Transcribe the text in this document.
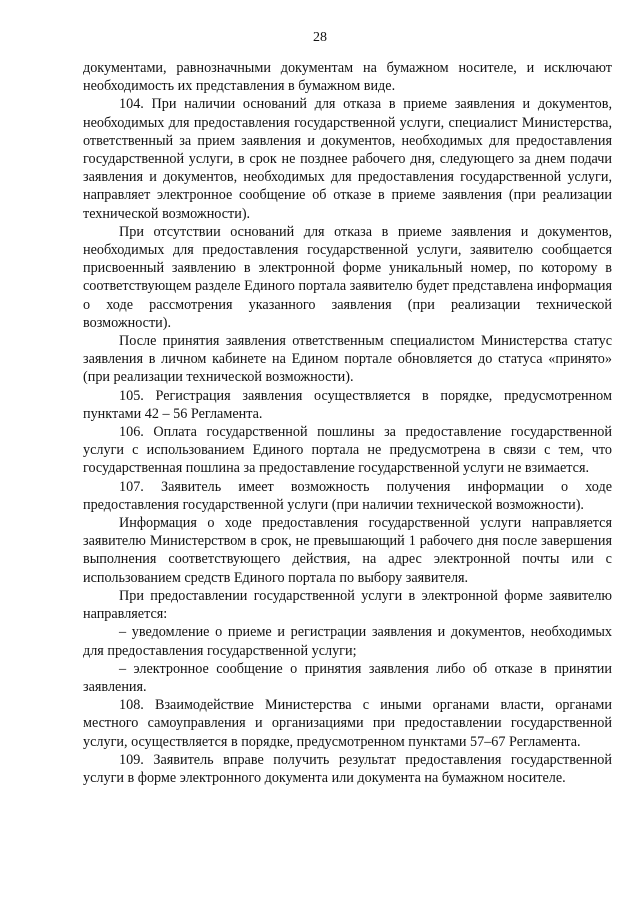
28

документами, равнозначными документам на бумажном носителе, и исключают необходимость их представления в бумажном виде.

104. При наличии оснований для отказа в приеме заявления и документов, необходимых для предоставления государственной услуги, специалист Министерства, ответственный за прием заявления и документов, необходимых для предоставления государственной услуги, в срок не позднее рабочего дня, следующего за днем подачи заявления и документов, необходимых для предоставления государственной услуги, направляет электронное сообщение об отказе в приеме заявления (при реализации технической возможности).

При отсутствии оснований для отказа в приеме заявления и документов, необходимых для предоставления государственной услуги, заявителю сообщается присвоенный заявлению в электронной форме уникальный номер, по которому в соответствующем разделе Единого портала заявителю будет представлена информация о ходе рассмотрения указанного заявления (при реализации технической возможности).

После принятия заявления ответственным специалистом Министерства статус заявления в личном кабинете на Едином портале обновляется до статуса «принято» (при реализации технической возможности).

105. Регистрация заявления осуществляется в порядке, предусмотренном пунктами 42 – 56 Регламента.

106. Оплата государственной пошлины за предоставление государственной услуги с использованием Единого портала не предусмотрена в связи с тем, что государственная пошлина за предоставление государственной услуги не взимается.

107. Заявитель имеет возможность получения информации о ходе предоставления государственной услуги (при наличии технической возможности).

Информация о ходе предоставления государственной услуги направляется заявителю Министерством в срок, не превышающий 1 рабочего дня после завершения выполнения соответствующего действия, на адрес электронной почты или с использованием средств Единого портала по выбору заявителя.

При предоставлении государственной услуги в электронной форме заявителю направляется:

– уведомление о приеме и регистрации заявления и документов, необходимых для предоставления государственной услуги;

– электронное сообщение о принятия заявления либо об отказе в принятии заявления.

108. Взаимодействие Министерства с иными органами власти, органами местного самоуправления и организациями при предоставлении государственной услуги, осуществляется в порядке, предусмотренном пунктами 57–67 Регламента.

109. Заявитель вправе получить результат предоставления государственной услуги в форме электронного документа или документа на бумажном носителе.
